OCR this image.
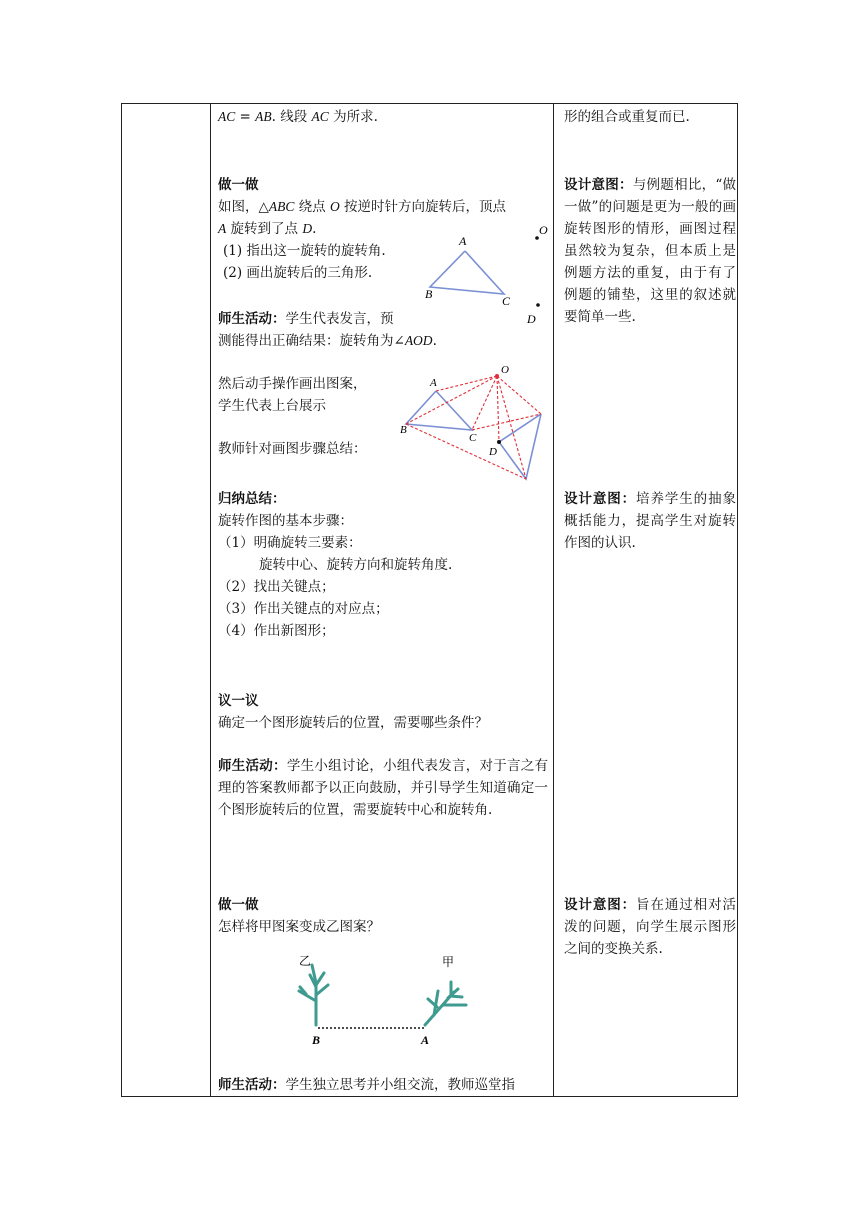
AC = AB. 线段 AC 为所求.

做一做

如图，△ABC 绕点 O 按逆时针方向旋转后，顶点

A 旋转到了点 D.

(1) 指出这一旋转的旋转角.

(2) 画出旋转后的三角形.

A
B	C
O
D

师生活动：学生代表发言，预

测能得出正确结果：旋转角为∠AOD.

然后动手操作画出图案，

学生代表上台展示

教师针对画图步骤总结：

A
B
C
O
D

归纳总结：

旋转作图的基本步骤：

（1）明确旋转三要素：

旋转中心、旋转方向和旋转角度.

（2）找出关键点；

（3）作出关键点的对应点；

（4）作出新图形；

议一议

确定一个图形旋转后的位置，需要哪些条件？

师生活动：学生小组讨论，小组代表发言，对于言之有理的答案教师都予以正向鼓励，并引导学生知道确定一个图形旋转后的位置，需要旋转中心和旋转角.

做一做

怎样将甲图案变成乙图案？

乙	甲
B	A

师生活动：学生独立思考并小组交流，教师巡堂指

形的组合或重复而已.

设计意图：与例题相比，“做一做”的问题是更为一般的画旋转图形的情形，画图过程虽然较为复杂，但本质上是例题方法的重复，由于有了例题的铺垫，这里的叙述就要简单一些.
设计意图：培养学生的抽象概括能力，提高学生对旋转作图的认识.
设计意图：旨在通过相对活泼的问题，向学生展示图形之间的变换关系.
